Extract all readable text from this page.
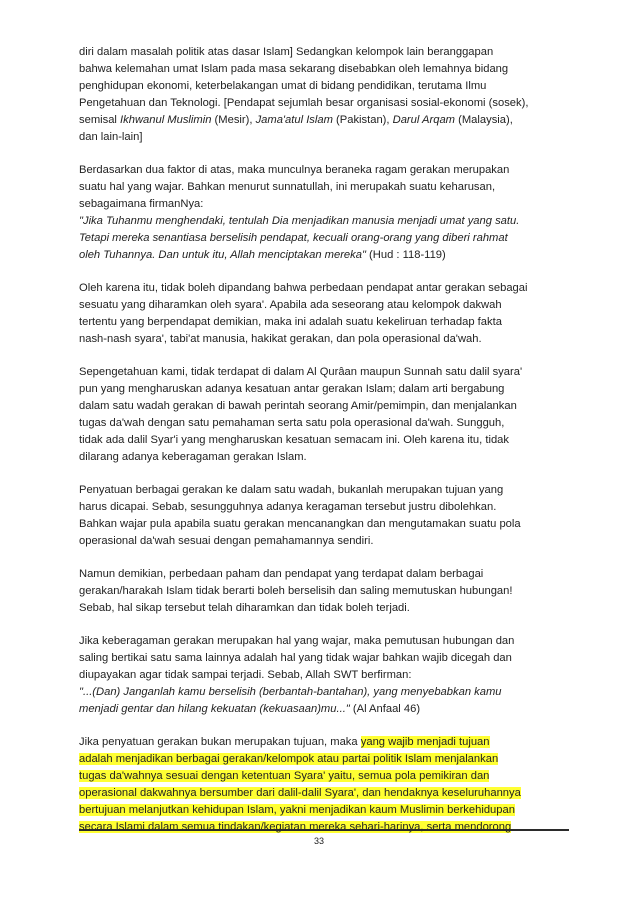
diri dalam masalah politik atas dasar Islam] Sedangkan kelompok lain beranggapan
bahwa kelemahan umat Islam pada masa sekarang disebabkan oleh lemahnya bidang
penghidupan ekonomi, keterbelakangan umat di bidang pendidikan, terutama Ilmu
Pengetahuan dan Teknologi. [Pendapat sejumlah besar organisasi sosial-ekonomi (sosek),
semisal Ikhwanul Muslimin (Mesir), Jama'atul Islam (Pakistan), Darul Arqam (Malaysia),
dan lain-lain]
Berdasarkan dua faktor di atas, maka munculnya beraneka ragam gerakan merupakan
suatu hal yang wajar. Bahkan menurut sunnatullah, ini merupakah suatu keharusan,
sebagaimana firmanNya:
"Jika Tuhanmu menghendaki, tentulah Dia menjadikan manusia menjadi umat yang satu.
Tetapi mereka senantiasa berselisih pendapat, kecuali orang-orang yang diberi rahmat
oleh Tuhannya. Dan untuk itu, Allah menciptakan mereka" (Hud : 118-119)
Oleh karena itu, tidak boleh dipandang bahwa perbedaan pendapat antar gerakan sebagai
sesuatu yang diharamkan oleh syara'. Apabila ada seseorang atau kelompok dakwah
tertentu yang berpendapat demikian, maka ini adalah suatu kekeliruan terhadap fakta
nash-nash syara', tabi'at manusia, hakikat gerakan, dan pola operasional da'wah.
Sepengetahuan kami, tidak terdapat di dalam Al Qurâan maupun Sunnah satu dalil syara'
pun yang mengharuskan adanya kesatuan antar gerakan Islam; dalam arti bergabung
dalam satu wadah gerakan di bawah perintah seorang Amir/pemimpin, dan menjalankan
tugas da'wah dengan satu pemahaman serta satu pola operasional da'wah. Sungguh,
tidak ada dalil Syar'i yang mengharuskan kesatuan semacam ini. Oleh karena itu, tidak
dilarang adanya keberagaman gerakan Islam.
Penyatuan berbagai gerakan ke dalam satu wadah, bukanlah merupakan tujuan yang
harus dicapai. Sebab, sesungguhnya adanya keragaman tersebut justru dibolehkan.
Bahkan wajar pula apabila suatu gerakan mencanangkan dan mengutamakan suatu pola
operasional da'wah sesuai dengan pemahamannya sendiri.
Namun demikian, perbedaan paham dan pendapat yang terdapat dalam berbagai
gerakan/harakah Islam tidak berarti boleh berselisih dan saling memutuskan hubungan!
Sebab, hal sikap tersebut telah diharamkan dan tidak boleh terjadi.
Jika keberagaman gerakan merupakan hal yang wajar, maka pemutusan hubungan dan
saling bertikai satu sama lainnya adalah hal yang tidak wajar bahkan wajib dicegah dan
diupayakan agar tidak sampai terjadi. Sebab, Allah SWT berfirman:
"...(Dan) Janganlah kamu berselisih (berbantah-bantahan), yang menyebabkan kamu
menjadi gentar dan hilang kekuatan (kekuasaan)mu..." (Al Anfaal 46)
Jika penyatuan gerakan bukan merupakan tujuan, maka yang wajib menjadi tujuan
adalah menjadikan berbagai gerakan/kelompok atau partai politik Islam menjalankan
tugas da'wahnya sesuai dengan ketentuan Syara' yaitu, semua pola pemikiran dan
operasional dakwahnya bersumber dari dalil-dalil Syara', dan hendaknya keseluruhannya
bertujuan melanjutkan kehidupan Islam, yakni menjadikan kaum Muslimin berkehidupan
secara Islami dalam semua tindakan/kegiatan mereka sehari-harinya, serta mendorong
33
